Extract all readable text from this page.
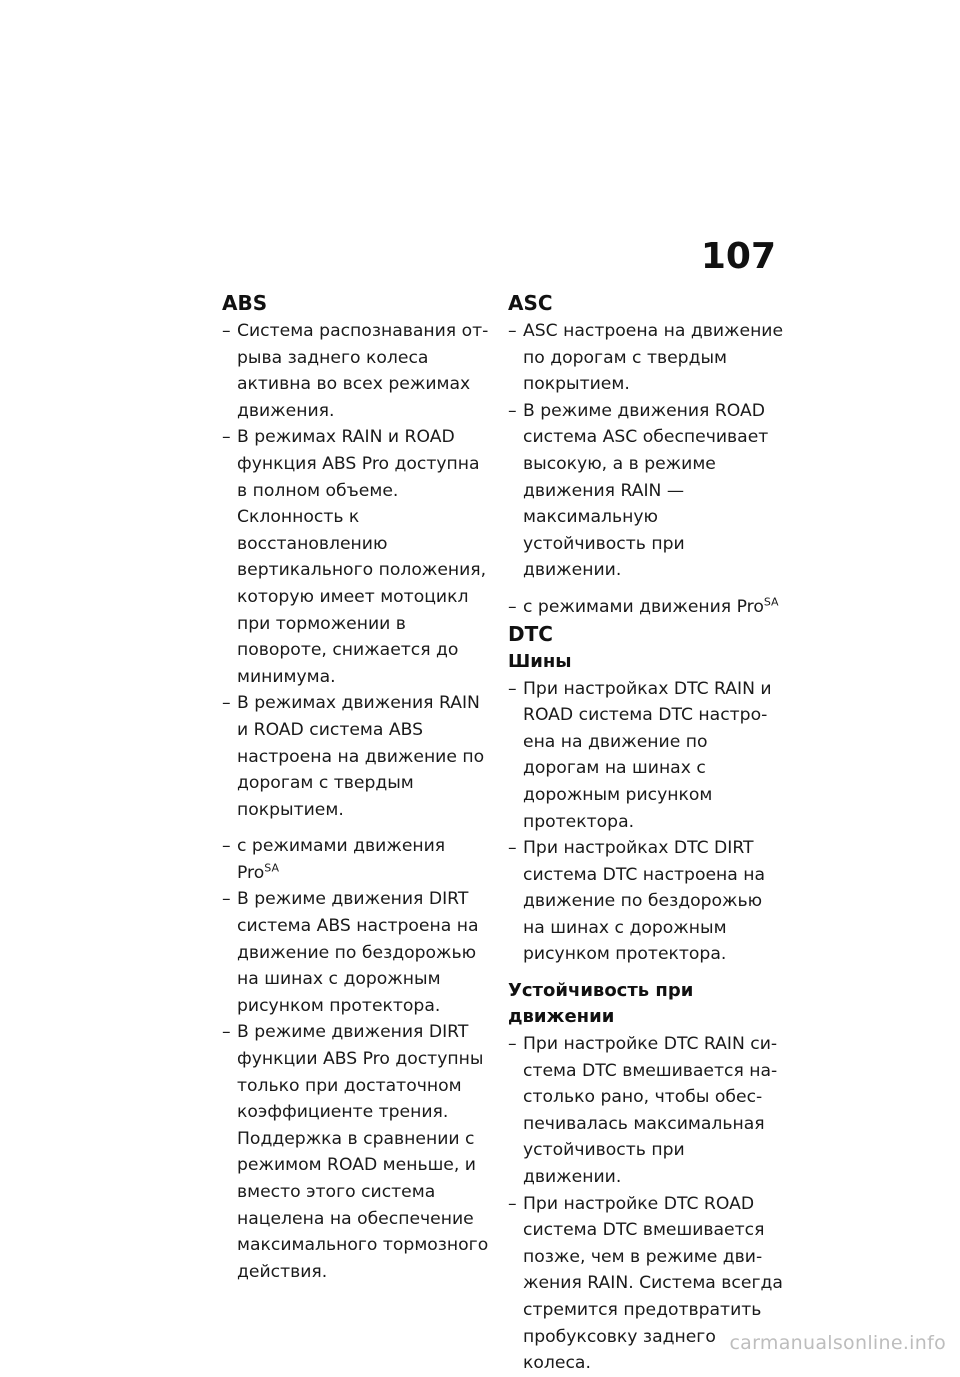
107
ABS
– Система распознавания отрыва заднего колеса активна во всех режимах движения.
– В режимах RAIN и ROAD функция ABS Pro доступна в полном объеме. Склонность к восстановлению вертикального положения, которую имеет мотоцикл при торможении в повороте, снижается до минимума.
– В режимах движения RAIN и ROAD система ABS настроена на движение по дорогам с твердым покрытием.
– с режимами движения Pro$^{SA}$
– В режиме движения DIRT система ABS настроена на движение по бездорожью на шинах с дорожным рисунком протектора.
– В режиме движения DIRT функции ABS Pro доступны только при достаточном коэффициенте трения. Поддержка в сравнении с режимом ROAD меньше, и вместо этого система нацелена на обеспечение максимального тормозного действия.
ASC
– ASC настроена на движение по дорогам с твердым покрытием.
– В режиме движения ROAD система ASC обеспечивает высокую, а в режиме движения RAIN — максимальную устойчивость при движении.
– с режимами движения Pro$^{SA}$
DTC
Шины
– При настройках DTC RAIN и ROAD система DTC настроена на движение по дорогам на шинах с дорожным рисунком протектора.
– При настройках DTC DIRT система DTC настроена на движение по бездорожью на шинах с дорожным рисунком протектора.
Устойчивость при движении
– При настройке DTC RAIN система DTC вмешивается настолько рано, чтобы обеспечивалась максимальная устойчивость при движении.
– При настройке DTC ROAD система DTC вмешивается позже, чем в режиме движения RAIN. Система всегда стремится предотвратить пробуксовку заднего колеса.
carmanualsonline.info
